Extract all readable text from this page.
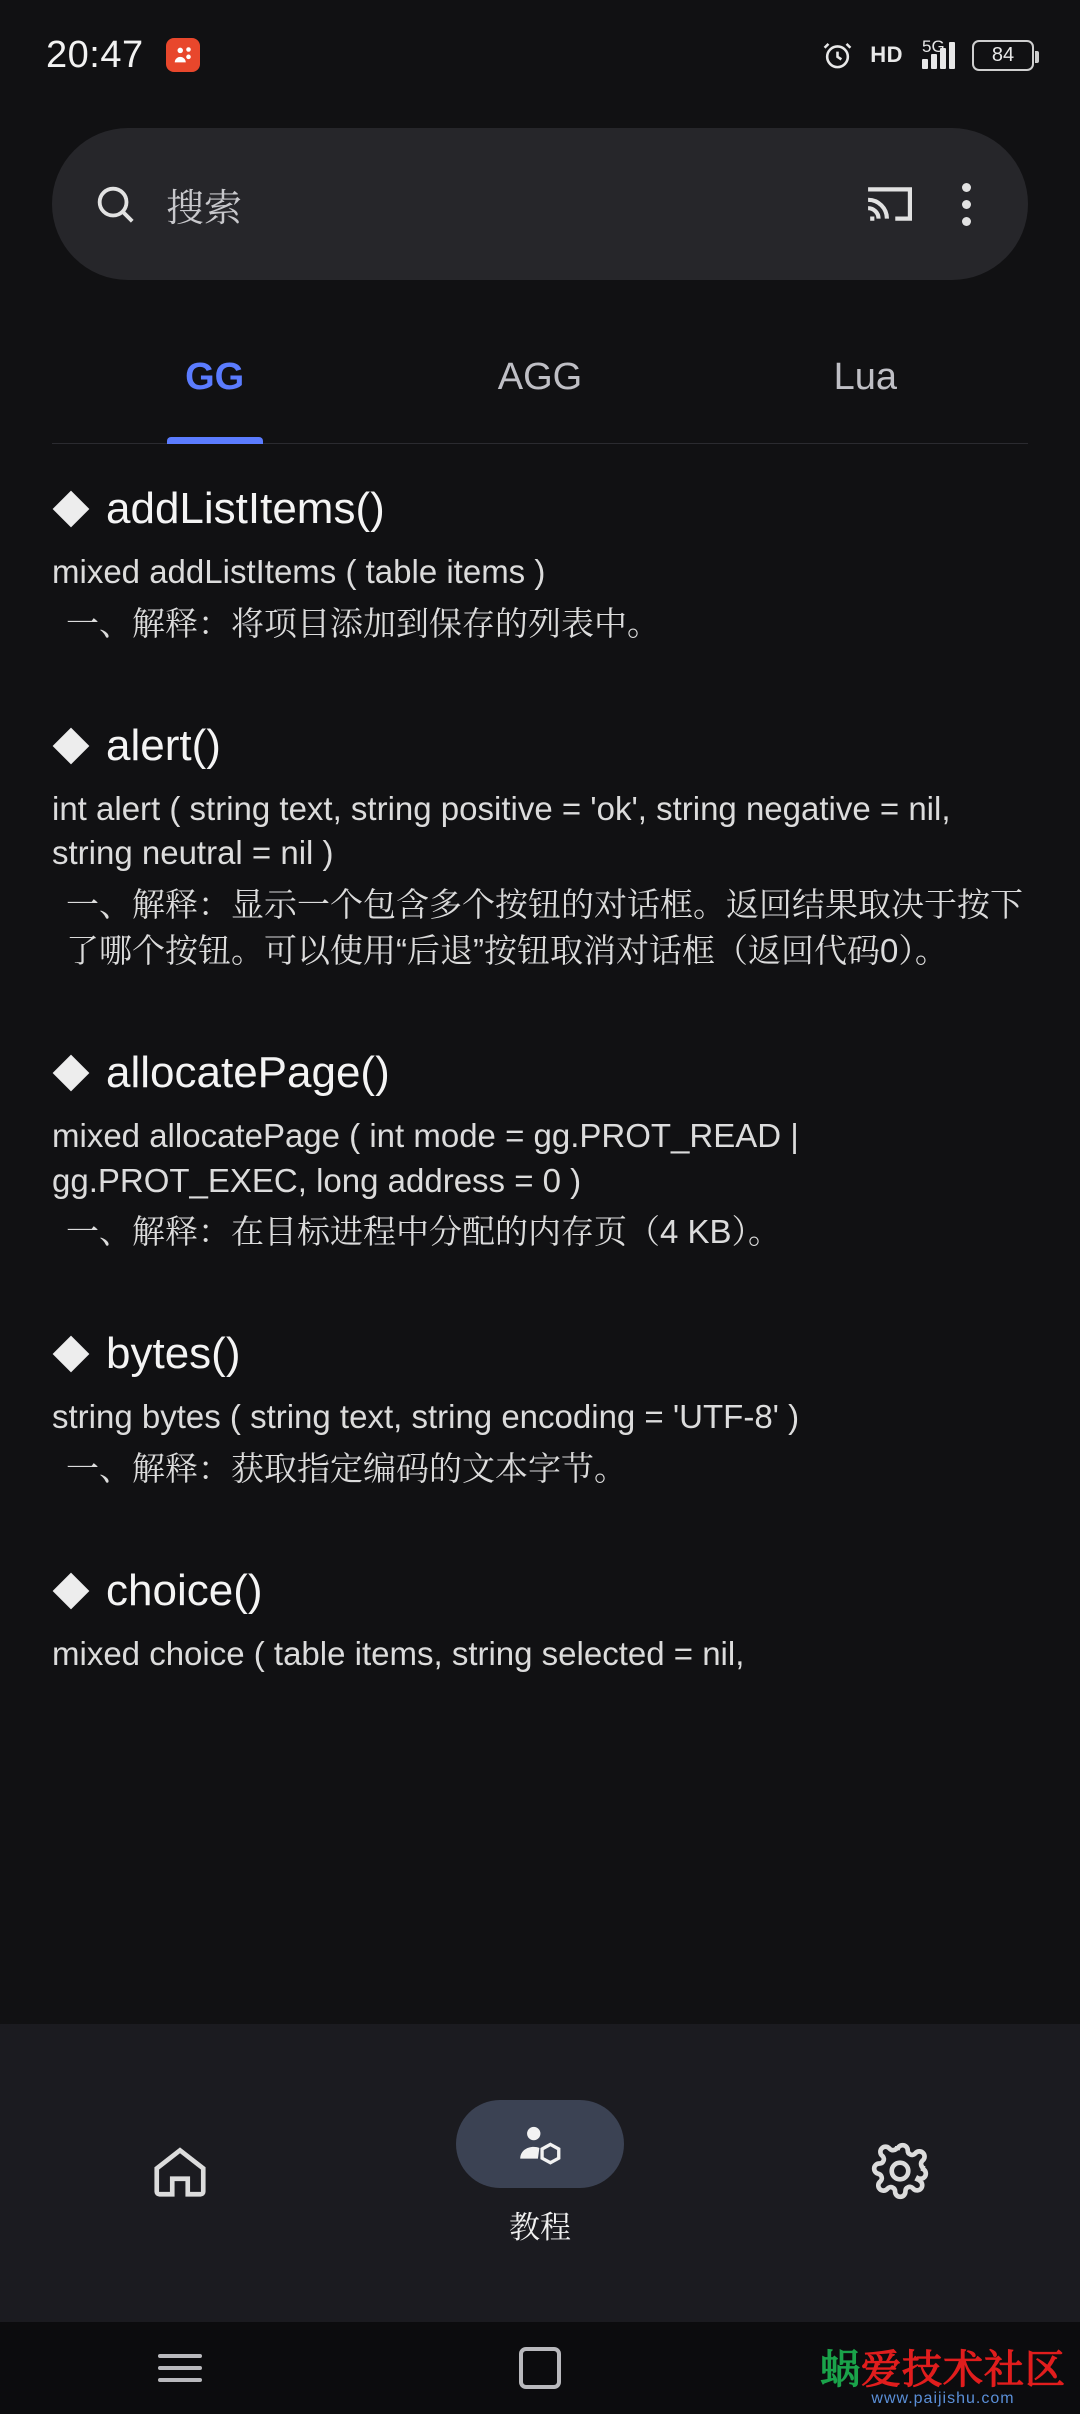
20:47	HD 5G 84
搜索
GG	AGG	Lua
addListItems()
mixed addListItems ( table items )
一、解释：将项目添加到保存的列表中。
alert()
int alert ( string text, string positive = 'ok', string negative = nil, string neutral = nil )
一、解释：显示一个包含多个按钮的对话框。返回结果取决于按下了哪个按钮。可以使用“后退”按钮取消对话框（返回代码0）。
allocatePage()
mixed allocatePage ( int mode = gg.PROT_READ | gg.PROT_EXEC, long address = 0 )
一、解释：在目标进程中分配的内存页（4 KB）。
bytes()
string bytes ( string text, string encoding = 'UTF-8' )
一、解释：获取指定编码的文本字节。
choice()
mixed choice ( table items, string selected = nil,
教程
蜗爱技术社区
www.paijishu.com
